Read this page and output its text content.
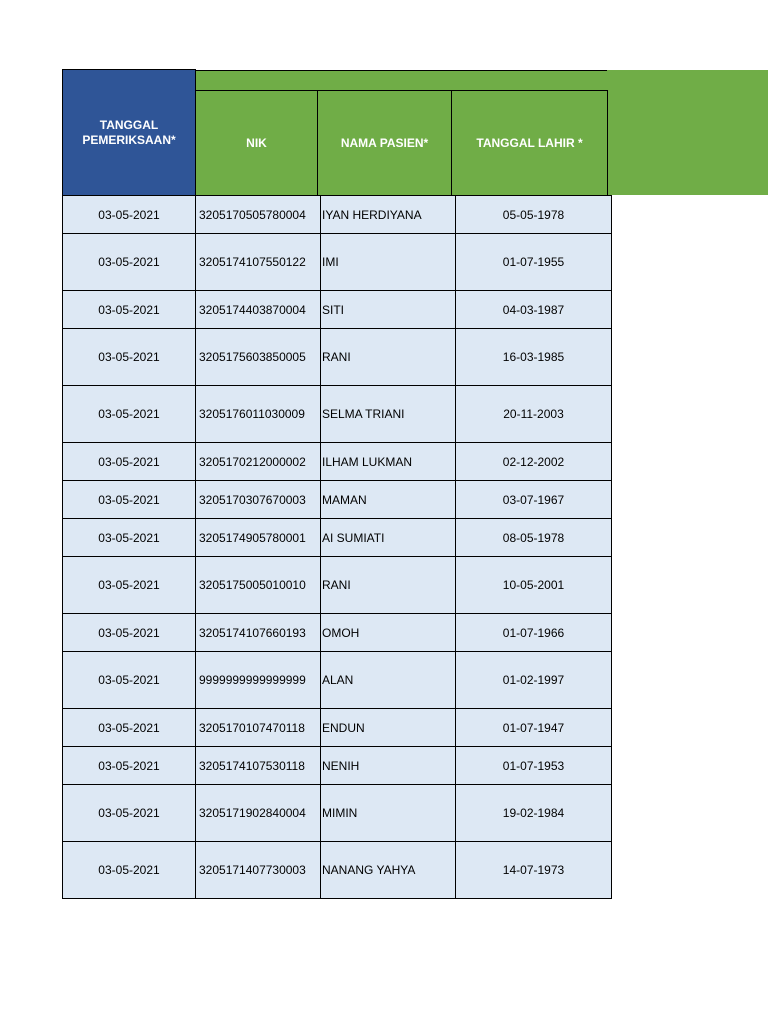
TANGGAL
PEMERIKSAAN*	NIK	NAMA PASIEN*	TANGGAL LAHIR *
03-05-2021	3205170505780004	IYAN HERDIYANA	05-05-1978
03-05-2021	3205174107550122	IMI	01-07-1955
03-05-2021	3205174403870004	SITI	04-03-1987
03-05-2021	3205175603850005	RANI	16-03-1985
03-05-2021	3205176011030009	SELMA TRIANI	20-11-2003
03-05-2021	3205170212000002	ILHAM LUKMAN	02-12-2002
03-05-2021	3205170307670003	MAMAN	03-07-1967
03-05-2021	3205174905780001	AI SUMIATI	08-05-1978
03-05-2021	3205175005010010	RANI	10-05-2001
03-05-2021	3205174107660193	OMOH	01-07-1966
03-05-2021	9999999999999999	ALAN	01-02-1997
03-05-2021	3205170107470118	ENDUN	01-07-1947
03-05-2021	3205174107530118	NENIH	01-07-1953
03-05-2021	3205171902840004	MIMIN	19-02-1984
03-05-2021	3205171407730003	NANANG YAHYA	14-07-1973
